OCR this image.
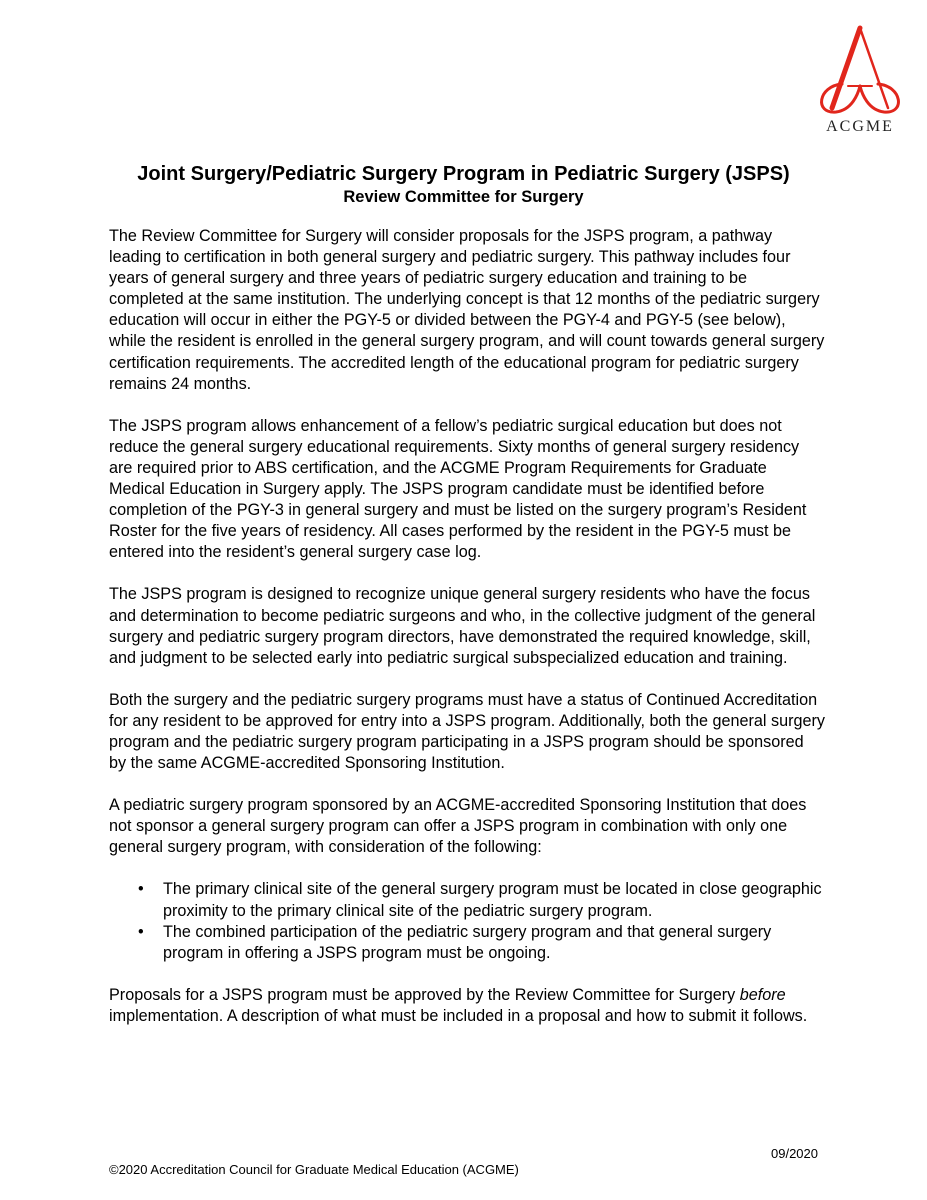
ACGME
Joint Surgery/Pediatric Surgery Program in Pediatric Surgery (JSPS)
Review Committee for Surgery

The Review Committee for Surgery will consider proposals for the JSPS program, a pathway leading to certification in both general surgery and pediatric surgery. This pathway includes four years of general surgery and three years of pediatric surgery education and training to be completed at the same institution. The underlying concept is that 12 months of the pediatric surgery education will occur in either the PGY-5 or divided between the PGY-4 and PGY-5 (see below), while the resident is enrolled in the general surgery program, and will count towards general surgery certification requirements. The accredited length of the educational program for pediatric surgery remains 24 months.

The JSPS program allows enhancement of a fellow’s pediatric surgical education but does not reduce the general surgery educational requirements. Sixty months of general surgery residency are required prior to ABS certification, and the ACGME Program Requirements for Graduate Medical Education in Surgery apply. The JSPS program candidate must be identified before completion of the PGY-3 in general surgery and must be listed on the surgery program’s Resident Roster for the five years of residency. All cases performed by the resident in the PGY-5 must be entered into the resident’s general surgery case log.

The JSPS program is designed to recognize unique general surgery residents who have the focus and determination to become pediatric surgeons and who, in the collective judgment of the general surgery and pediatric surgery program directors, have demonstrated the required knowledge, skill, and judgment to be selected early into pediatric surgical subspecialized education and training.

Both the surgery and the pediatric surgery programs must have a status of Continued Accreditation for any resident to be approved for entry into a JSPS program. Additionally, both the general surgery program and the pediatric surgery program participating in a JSPS program should be sponsored by the same ACGME-accredited Sponsoring Institution.

A pediatric surgery program sponsored by an ACGME-accredited Sponsoring Institution that does not sponsor a general surgery program can offer a JSPS program in combination with only one general surgery program, with consideration of the following:

• The primary clinical site of the general surgery program must be located in close geographic proximity to the primary clinical site of the pediatric surgery program.
• The combined participation of the pediatric surgery program and that general surgery program in offering a JSPS program must be ongoing.

Proposals for a JSPS program must be approved by the Review Committee for Surgery before implementation. A description of what must be included in a proposal and how to submit it follows.

09/2020
©2020 Accreditation Council for Graduate Medical Education (ACGME)
